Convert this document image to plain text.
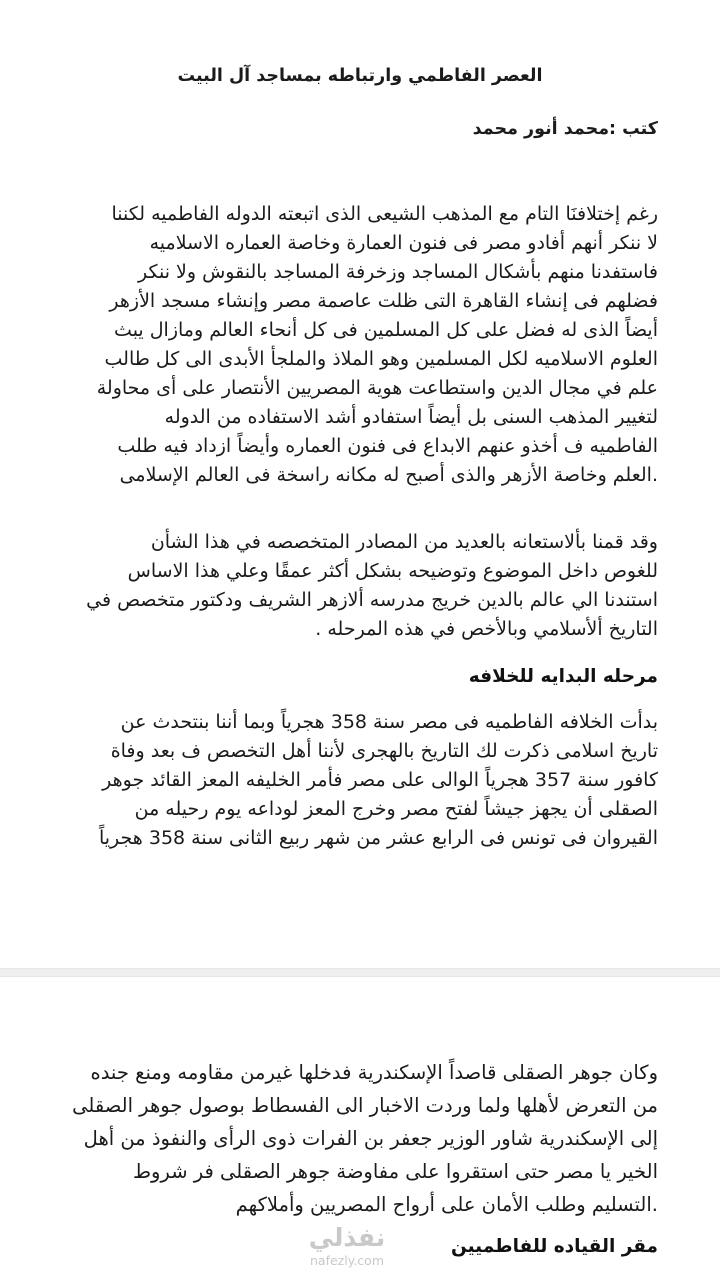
العصر الفاطمي وارتباطه بمساجد آل البيت
كتب :محمد أنور محمد
رغم إختلافنَا التام مع المذهب الشيعى الذى اتبعته الدوله الفاطميه لكننا
لا ننكر أنهم أفادو مصر فى فنون العمارة وخاصة العماره الاسلاميه
فاستفدنا منهم بأشكال المساجد وزخرفة المساجد بالنقوش ولا ننكر
فضلهم فى إنشاء القاهرة التى ظلت عاصمة مصر وإنشاء مسجد الأزهر
أيضاً الذى له فضل على كل المسلمين فى كل أنحاء العالم ومازال يبث
العلوم الاسلاميه لكل المسلمين وهو الملاذ والملجأ الأبدى الى كل طالب
علم في مجال الدين واستطاعت هوية المصريين الأنتصار على أى محاولة
لتغيير المذهب السنى بل أيضاً استفادو أشد الاستفاده من الدوله
الفاطميه ف أخذو عنهم الابداع فى فنون العماره وأيضاً ازداد فيه طلب
.العلم وخاصة الأزهر والذى أصبح له مكانه راسخة فى العالم الإسلامى
وقد قمنا بألاستعانه بالعديد من المصادر المتخصصه في هذا الشأن
للغوص داخل الموضوع وتوضيحه بشكل أكثر عمقًا وعلي هذا الاساس
استندنا الي عالم بالدين خريج مدرسه ألازهر الشريف ودكتور متخصص في
التاريخ ألأسلامي وبالأخص في هذه المرحله .
مرحله البدايه للخلافه
بدأت الخلافه الفاطميه فى مصر سنة 358 هجرياً وبما أننا بنتحدث عن
تاريخ اسلامى ذكرت لك التاريخ بالهجرى لأننا أهل التخصص ف بعد وفاة
كافور سنة 357 هجرياً الوالى على مصر فأمر الخليفه المعز القائد جوهر
الصقلى أن يجهز جيشاً لفتح مصر وخرج المعز لوداعه يوم رحيله من
القيروان فى تونس فى الرابع عشر من شهر ربيع الثانى سنة 358 هجرياً
وكان جوهر الصقلى قاصداً الإسكندرية فدخلها غيرمن مقاومه ومنع جنده
من التعرض لأهلها ولما وردت الاخبار الى الفسطاط بوصول جوهر الصقلى
إلى الإسكندرية شاور الوزير جعفر بن الفرات ذوى الرأى والنفوذ من أهل
الخير يا مصر حتى استقروا على مفاوضة جوهر الصقلى فر شروط
.التسليم وطلب الأمان على أرواح المصريين وأملاكهم
مقر القياده للفاطميين
نفذلي
nafezly.com
